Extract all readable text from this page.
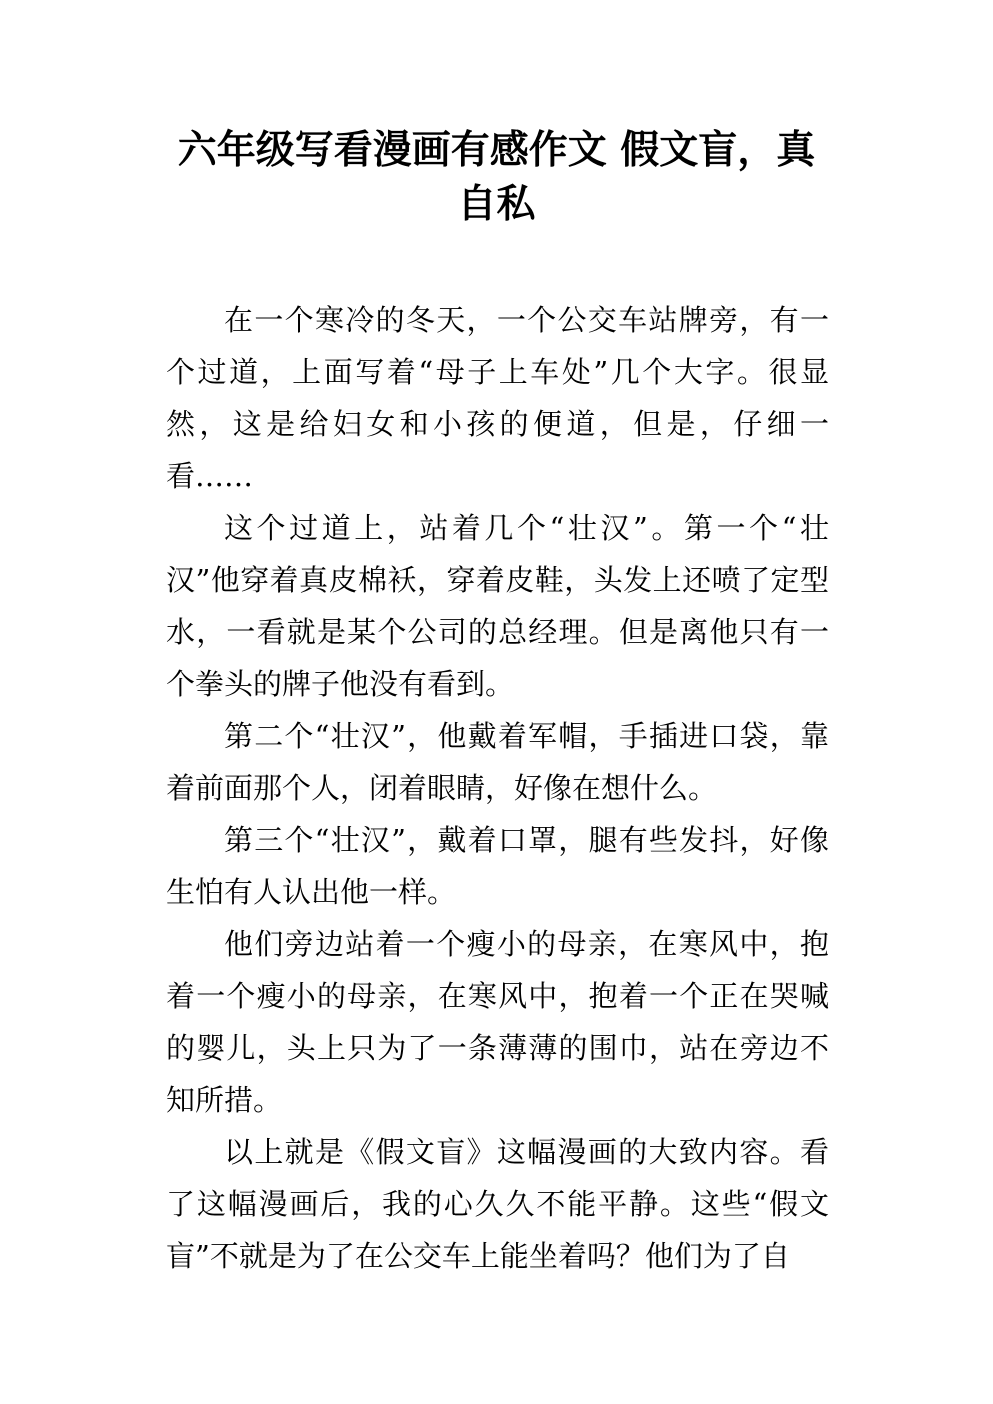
六年级写看漫画有感作文 假文盲，真自私

在一个寒冷的冬天，一个公交车站牌旁，有一个过道，上面写着“母子上车处”几个大字。很显然，这是给妇女和小孩的便道，但是，仔细一看……

这个过道上，站着几个“壮汉”。第一个“壮汉”他穿着真皮棉袄，穿着皮鞋，头发上还喷了定型水，一看就是某个公司的总经理。但是离他只有一个拳头的牌子他没有看到。

第二个“壮汉”，他戴着军帽，手插进口袋，靠着前面那个人，闭着眼睛，好像在想什么。

第三个“壮汉”，戴着口罩，腿有些发抖，好像生怕有人认出他一样。

他们旁边站着一个瘦小的母亲，在寒风中，抱着一个瘦小的母亲，在寒风中，抱着一个正在哭喊的婴儿，头上只为了一条薄薄的围巾，站在旁边不知所措。

以上就是《假文盲》这幅漫画的大致内容。看了这幅漫画后，我的心久久不能平静。这些“假文盲”不就是为了在公交车上能坐着吗？他们为了自
